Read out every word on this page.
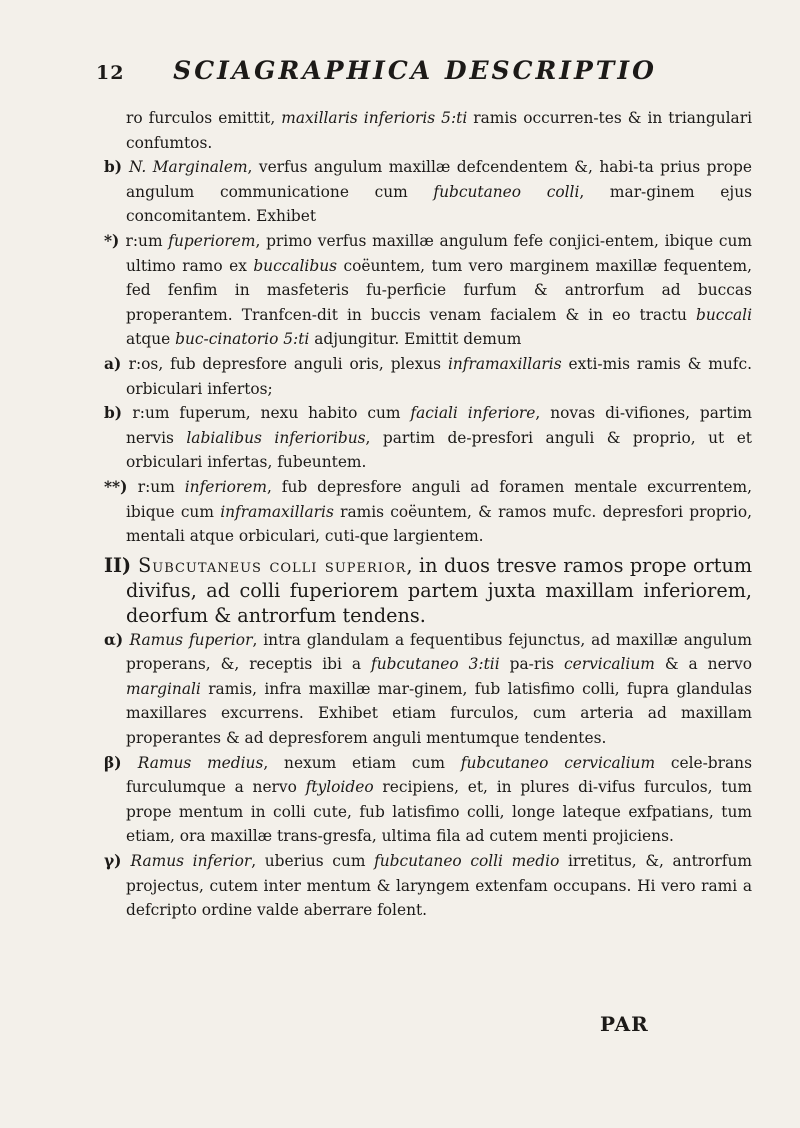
12	SCIAGRAPHICA DESCRIPTIO

ro furculos emittit, maxillaris inferioris 5:ti ramis occurren-tes & in triangulari confumtos.

b) N. Marginalem, verfus angulum maxillæ defcendentem &, habi-ta prius prope angulum communicatione cum fubcutaneo colli, mar-ginem ejus concomitantem. Exhibet

*) r:um fuperiorem, primo verfus maxillæ angulum fefe conjici-entem, ibique cum ultimo ramo ex buccalibus coëuntem, tum vero marginem maxillæ fequentem, fed fenfim in masfeteris fu-perficie furfum & antrorfum ad buccas properantem. Tranfcen-dit in buccis venam facialem & in eo tractu buccali atque buc-cinatorio 5:ti adjungitur. Emittit demum

a) r:os, fub depresfore anguli oris, plexus inframaxillaris exti-mis ramis & mufc. orbiculari infertos;

b) r:um fuperum, nexu habito cum faciali inferiore, novas di-vifiones, partim nervis labialibus inferioribus, partim de-presfori anguli & proprio, ut et orbiculari infertas, fubeuntem.

**) r:um inferiorem, fub depresfore anguli ad foramen mentale excurrentem, ibique cum inframaxillaris ramis coëuntem, & ramos mufc. depresfori proprio, mentali atque orbiculari, cuti-que largientem.

II) Subcutaneus colli superior, in duos tresve ramos prope ortum divifus, ad colli fuperiorem partem juxta maxillam inferiorem, deorfum & antrorfum tendens.

α) Ramus fuperior, intra glandulam a fequentibus fejunctus, ad maxillæ angulum properans, &, receptis ibi a fubcutaneo 3:tii pa-ris cervicalium & a nervo marginali ramis, infra maxillæ mar-ginem, fub latisfimo colli, fupra glandulas maxillares excurrens. Exhibet etiam furculos, cum arteria ad maxillam properantes & ad depresforem anguli mentumque tendentes.

β) Ramus medius, nexum etiam cum fubcutaneo cervicalium cele-brans furculumque a nervo ftyloideo recipiens, et, in plures di-vifus furculos, tum prope mentum in colli cute, fub latisfimo colli, longe lateque exfpatians, tum etiam, ora maxillæ trans-gresfa, ultima fila ad cutem menti projiciens.

γ) Ramus inferior, uberius cum fubcutaneo colli medio irretitus, &, antrorfum projectus, cutem inter mentum & laryngem extenfam occupans. Hi vero rami a defcripto ordine valde aberrare folent.

PAR
